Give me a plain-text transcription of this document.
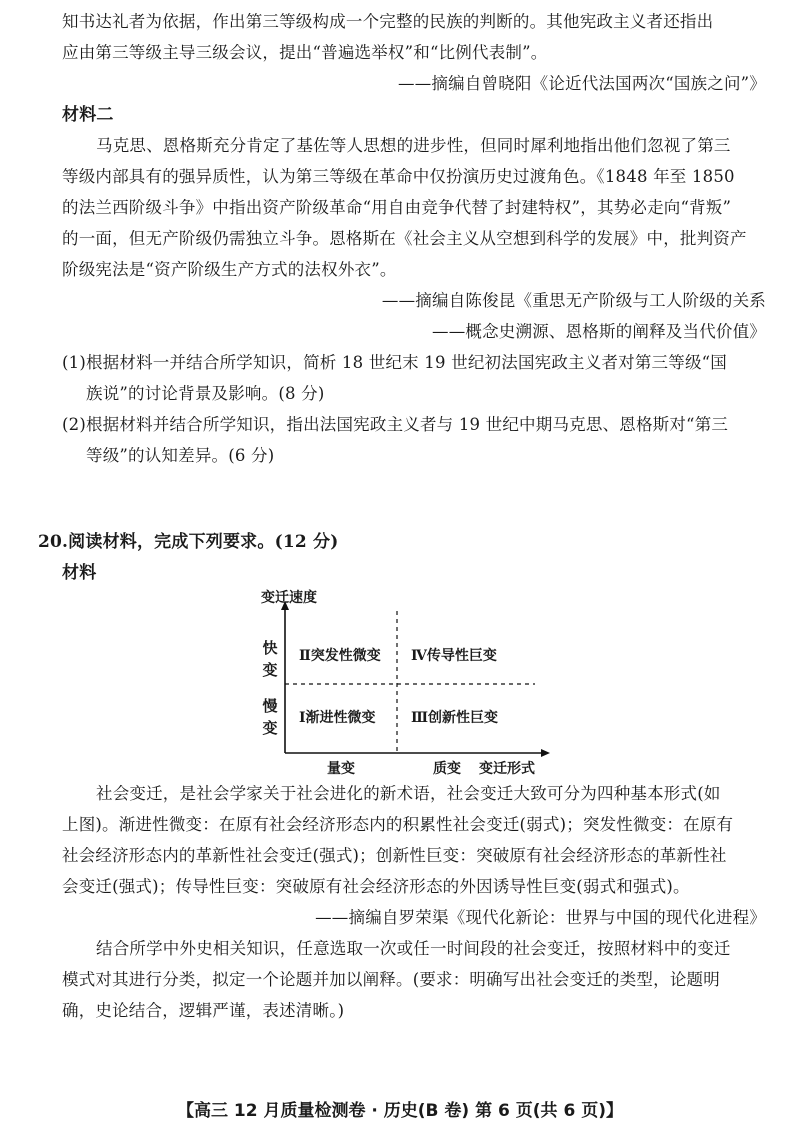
知书达礼者为依据，作出第三等级构成一个完整的民族的判断的。其他宪政主义者还指出
应由第三等级主导三级会议，提出“普遍选举权”和“比例代表制”。
——摘编自曾晓阳《论近代法国两次“国族之问”》
材料二
马克思、恩格斯充分肯定了基佐等人思想的进步性，但同时犀利地指出他们忽视了第三
等级内部具有的强异质性，认为第三等级在革命中仅扮演历史过渡角色。《1848 年至 1850
的法兰西阶级斗争》中指出资产阶级革命“用自由竞争代替了封建特权”，其势必走向“背叛”
的一面，但无产阶级仍需独立斗争。恩格斯在《社会主义从空想到科学的发展》中，批判资产
阶级宪法是“资产阶级生产方式的法权外衣”。
——摘编自陈俊昆《重思无产阶级与工人阶级的关系
——概念史溯源、恩格斯的阐释及当代价值》
(1)根据材料一并结合所学知识，简析 18 世纪末 19 世纪初法国宪政主义者对第三等级“国
族说”的讨论背景及影响。(8 分)
(2)根据材料并结合所学知识，指出法国宪政主义者与 19 世纪中期马克思、恩格斯对“第三
等级”的认知差异。(6 分)
20.阅读材料，完成下列要求。(12 分)
材料
变迁速度
快变
慢变
Ⅱ突发性微变 Ⅳ传导性巨变
Ⅰ渐进性微变	Ⅲ创新性巨变
量变	质变 变迁形式
社会变迁，是社会学家关于社会进化的新术语，社会变迁大致可分为四种基本形式(如
上图)。渐进性微变：在原有社会经济形态内的积累性社会变迁(弱式)；突发性微变：在原有
社会经济形态内的革新性社会变迁(强式)；创新性巨变：突破原有社会经济形态的革新性社
会变迁(强式)；传导性巨变：突破原有社会经济形态的外因诱导性巨变(弱式和强式)。
——摘编自罗荣渠《现代化新论：世界与中国的现代化进程》
结合所学中外史相关知识，任意选取一次或任一时间段的社会变迁，按照材料中的变迁
模式对其进行分类，拟定一个论题并加以阐释。(要求：明确写出社会变迁的类型，论题明
确，史论结合，逻辑严谨，表述清晰。)
【高三 12 月质量检测卷 · 历史(B 卷) 第 6 页(共 6 页)】
